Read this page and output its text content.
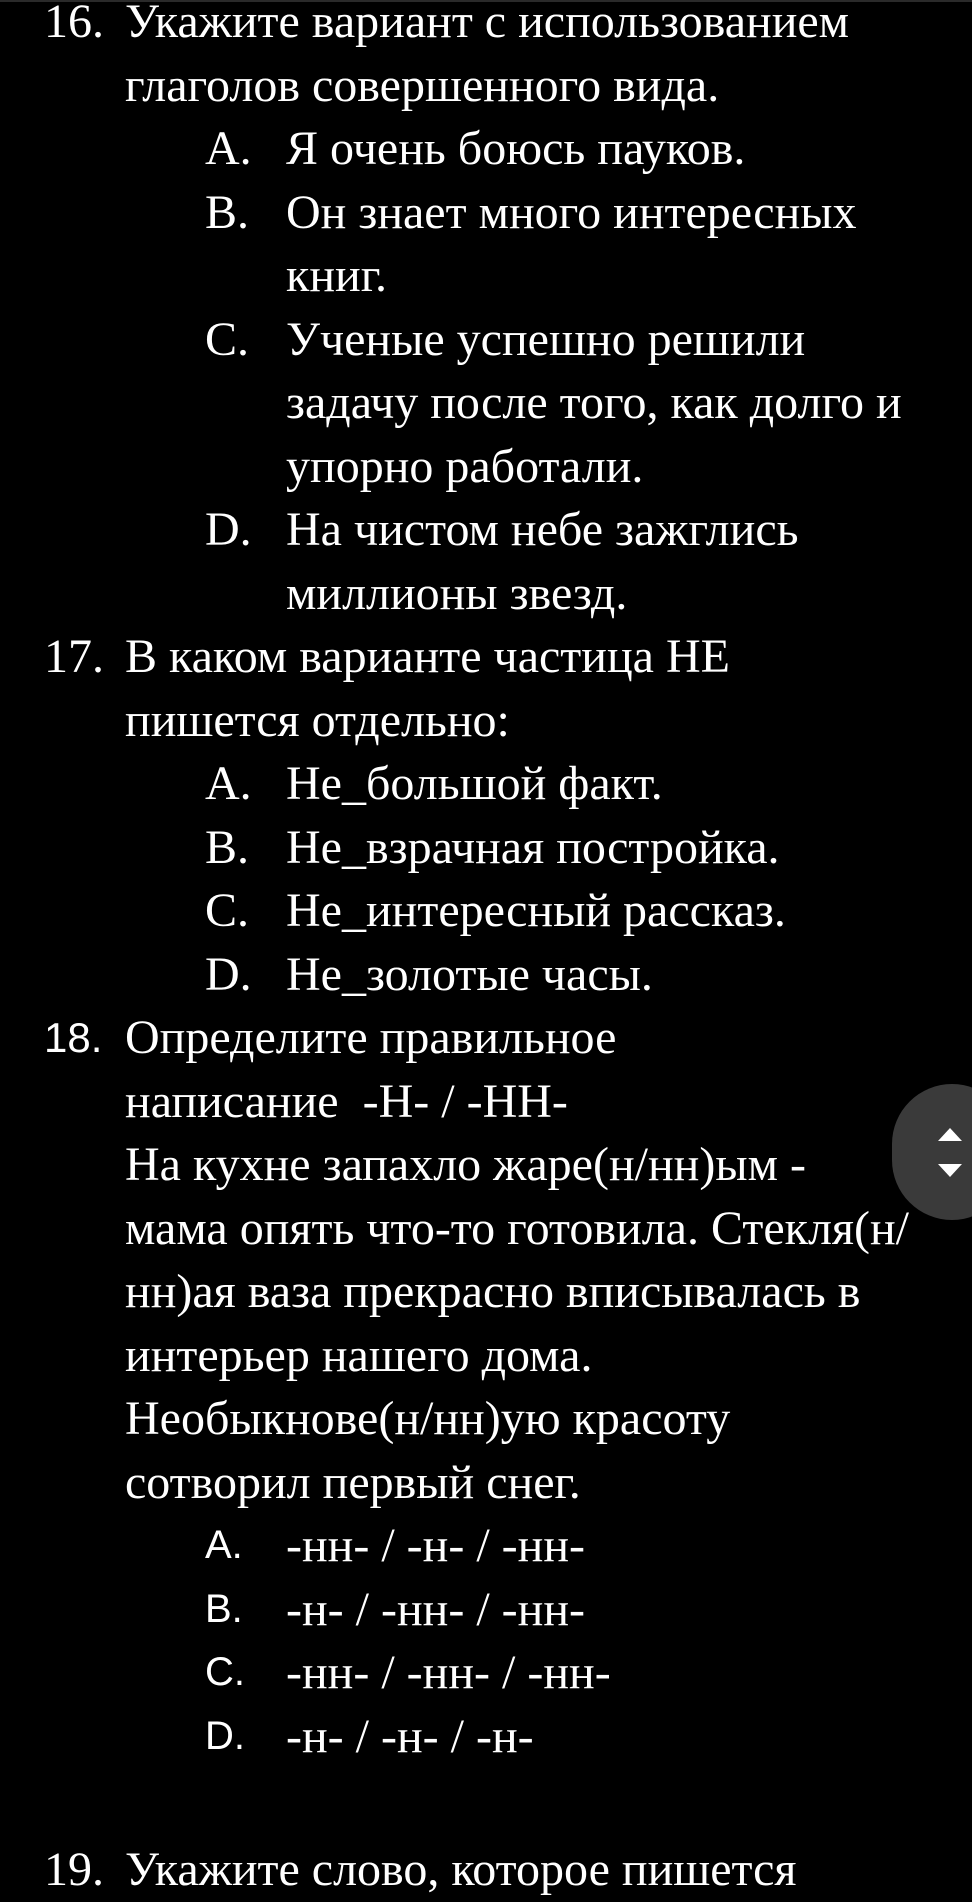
16. Укажите вариант с использованием глаголов совершенного вида.
A. Я очень боюсь пауков.
B. Он знает много интересных книг.
C. Ученые успешно решили задачу после того, как долго и упорно работали.
D. На чистом небе зажглись миллионы звезд.
17. В каком варианте частица НЕ пишется отдельно:
A. Не_большой факт.
B. Не_взрачная постройка.
C. Не_интересный рассказ.
D. Не_золотые часы.
18. Определите правильное
написание  -Н- / -НН-
На кухне запахло жаре(н/нн)ым - мама опять что-то готовила. Стекля(н/нн)ая ваза прекрасно вписывалась в интерьер нашего дома. Необыкнове(н/нн)ую красоту сотворил первый снег.
A. -нн- / -н- / -нн-
B. -н- / -нн- / -нн-
C. -нн- / -нн- / -нн-
D. -н- / -н- / -н-
19. Укажите слово, которое пишется
